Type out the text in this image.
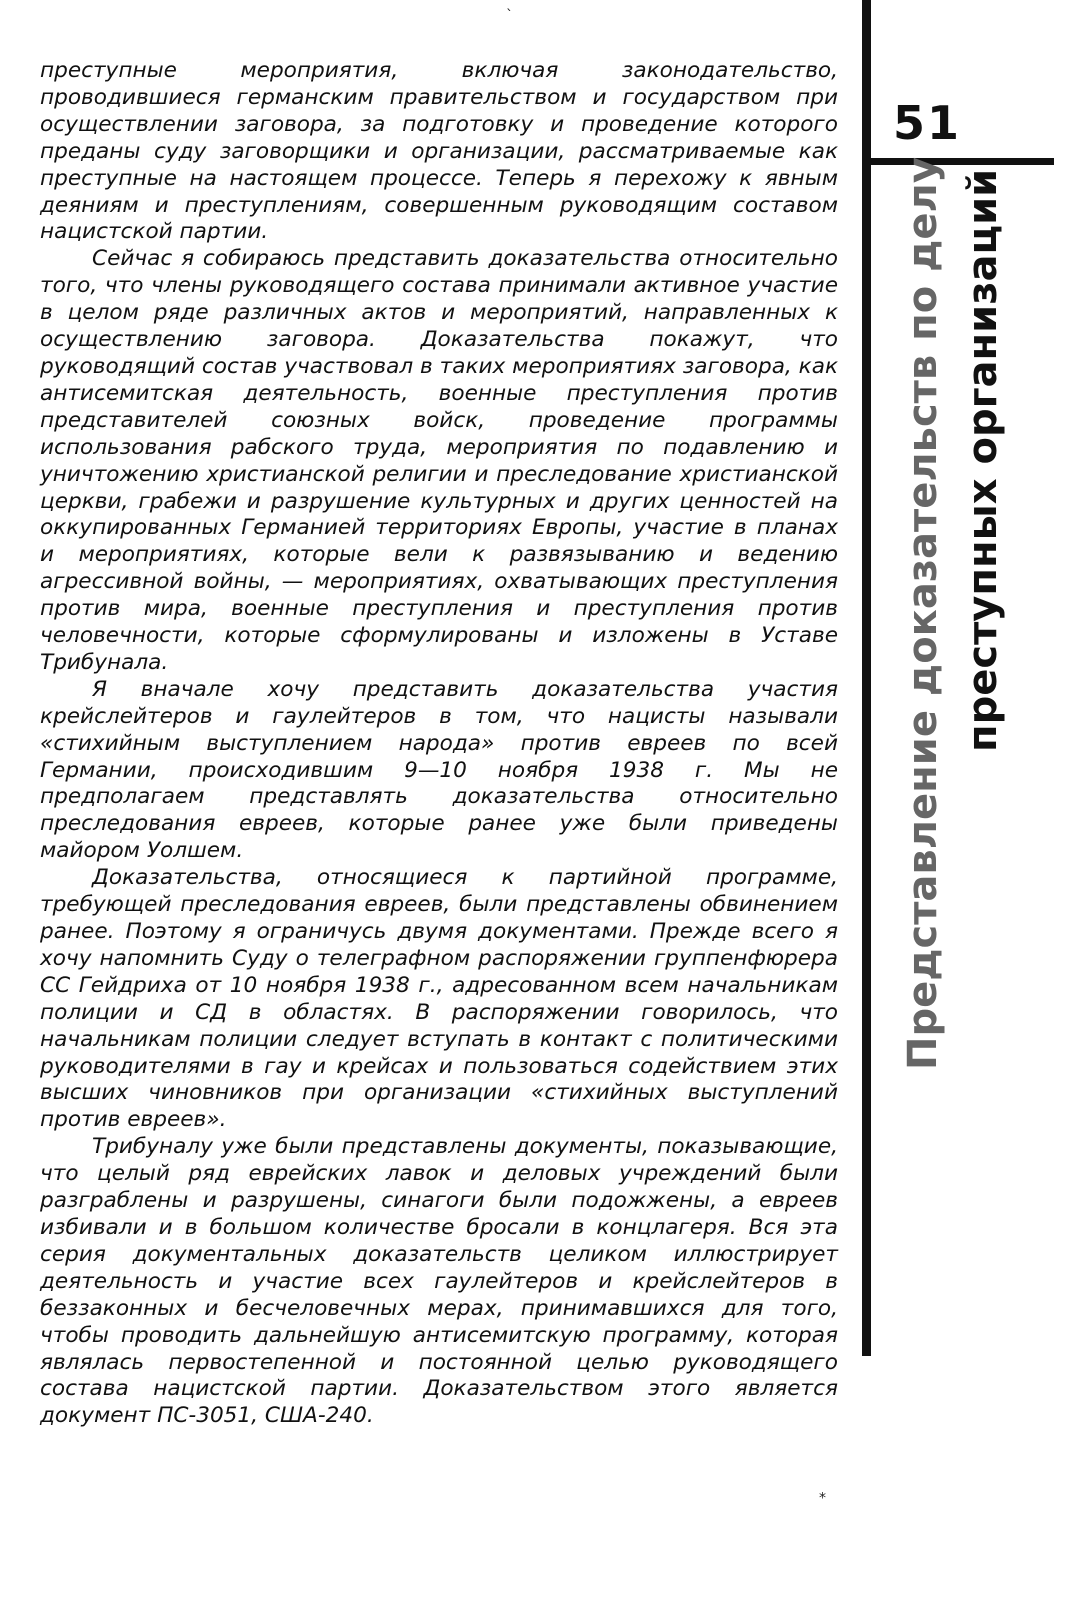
`

преступные мероприятия, включая законодательство, проводившиеся германским правительством и государством при осуществлении заговора, за подготовку и проведение которого преданы суду заговорщики и организации, рассматриваемые как преступные на настоящем процессе. Теперь я перехожу к явным деяниям и преступлениям, совершенным руководящим составом нацистской партии.

Сейчас я собираюсь представить доказательства относительно того, что члены руководящего состава принимали активное участие в целом ряде различных актов и мероприятий, направленных к осуществлению заговора. Доказательства покажут, что руководящий состав участвовал в таких мероприятиях заговора, как антисемитская деятельность, военные преступления против представителей союзных войск, проведение программы использования рабского труда, мероприятия по подавлению и уничтожению христианской религии и преследование христианской церкви, грабежи и разрушение культурных и других ценностей на оккупированных Германией территориях Европы, участие в планах и мероприятиях, которые вели к развязыванию и ведению агрессивной войны, — мероприятиях, охватывающих преступления против мира, военные преступления и преступления против человечности, которые сформулированы и изложены в Уставе Трибунала.

Я вначале хочу представить доказательства участия крейслейтеров и гаулейтеров в том, что нацисты называли «стихийным выступлением народа» против евреев по всей Германии, происходившим 9—10 ноября 1938 г. Мы не предполагаем представлять доказательства относительно преследования евреев, которые ранее уже были приведены майором Уолшем.

Доказательства, относящиеся к партийной программе, требующей преследования евреев, были представлены обвинением ранее. Поэтому я ограничусь двумя документами. Прежде всего я хочу напомнить Суду о телеграфном распоряжении группенфюрера СС Гейдриха от 10 ноября 1938 г., адресованном всем начальникам полиции и СД в областях. В распоряжении говорилось, что начальникам полиции следует вступать в контакт с политическими руководителями в гау и крейсах и пользоваться содействием этих высших чиновников при организации «стихийных выступлений против евреев».

Трибуналу уже были представлены документы, показывающие, что целый ряд еврейских лавок и деловых учреждений были разграблены и разрушены, синагоги были подожжены, а евреев избивали и в большом количестве бросали в концлагеря. Вся эта серия документальных доказательств целиком иллюстрирует деятельность и участие всех гаулейтеров и крейслейтеров в беззаконных и бесчеловечных мерах, принимавшихся для того, чтобы проводить дальнейшую антисемитскую программу, которая являлась первостепенной и постоянной целью руководящего состава нацистской партии. Доказательством этого является документ ПС-3051, США-240.

51
Представление доказательств по делу преступных организаций
⁎
